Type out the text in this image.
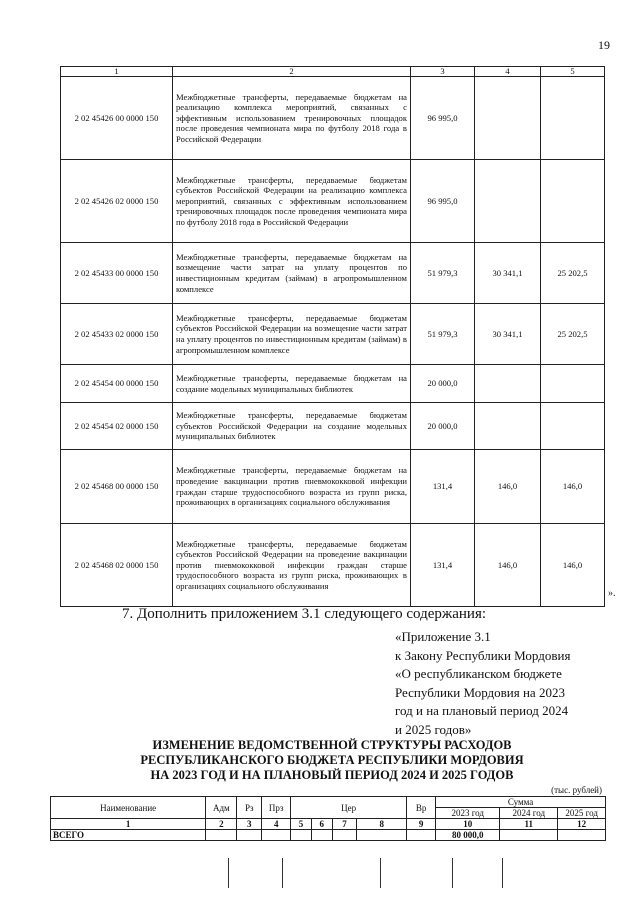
19
1	2	3	4	5
2 02 45426 00 0000 150	Межбюджетные трансферты, передаваемые бюджетам на реализацию комплекса мероприятий, связанных с эффективным использованием тренировочных площадок после проведения чемпионата мира по футболу 2018 года в Российской Федерации	96 995,0		
2 02 45426 02 0000 150	Межбюджетные трансферты, передаваемые бюджетам субъектов Российской Федерации на реализацию комплекса мероприятий, связанных с эффективным использованием тренировочных площадок после проведения чемпионата мира по футболу 2018 года в Российской Федерации	96 995,0		
2 02 45433 00 0000 150	Межбюджетные трансферты, передаваемые бюджетам на возмещение части затрат на уплату процентов по инвестиционным кредитам (займам) в агропромышленном комплексе	51 979,3	30 341,1	25 202,5
2 02 45433 02 0000 150	Межбюджетные трансферты, передаваемые бюджетам субъектов Российской Федерации на возмещение части затрат на уплату процентов по инвестиционным кредитам (займам) в агропромышленном комплексе	51 979,3	30 341,1	25 202,5
2 02 45454 00 0000 150	Межбюджетные трансферты, передаваемые бюджетам на создание модельных муниципальных библиотек	20 000,0		
2 02 45454 02 0000 150	Межбюджетные трансферты, передаваемые бюджетам субъектов Российской Федерации на создание модельных муниципальных библиотек	20 000,0		
2 02 45468 00 0000 150	Межбюджетные трансферты, передаваемые бюджетам на проведение вакцинации против пневмококковой инфекции граждан старше трудоспособного возраста из групп риска, проживающих в организациях социального обслуживания	131,4	146,0	146,0
2 02 45468 02 0000 150	Межбюджетные трансферты, передаваемые бюджетам субъектов Российской Федерации на проведение вакцинации против пневмококковой инфекции граждан старше трудоспособного возраста из групп риска, проживающих в организациях социального обслуживания	131,4	146,0	146,0
».
7. Дополнить приложением 3.1 следующего содержания:
«Приложение 3.1
к Закону Республики Мордовия
«О республиканском бюджете
Республики Мордовия на 2023
год и на плановый период 2024
и 2025 годов»
ИЗМЕНЕНИЕ ВЕДОМСТВЕННОЙ СТРУКТУРЫ РАСХОДОВ
РЕСПУБЛИКАНСКОГО БЮДЖЕТА РЕСПУБЛИКИ МОРДОВИЯ
НА 2023 ГОД И НА ПЛАНОВЫЙ ПЕРИОД 2024 И 2025 ГОДОВ
(тыс. рублей)
Наименование	Адм	Рз	Прз	Цер				Вр	Сумма		
									2023 год	2024 год	2025 год
1	2	3	4	5	6	7	8	9	10	11	12
ВСЕГО									80 000,0		
